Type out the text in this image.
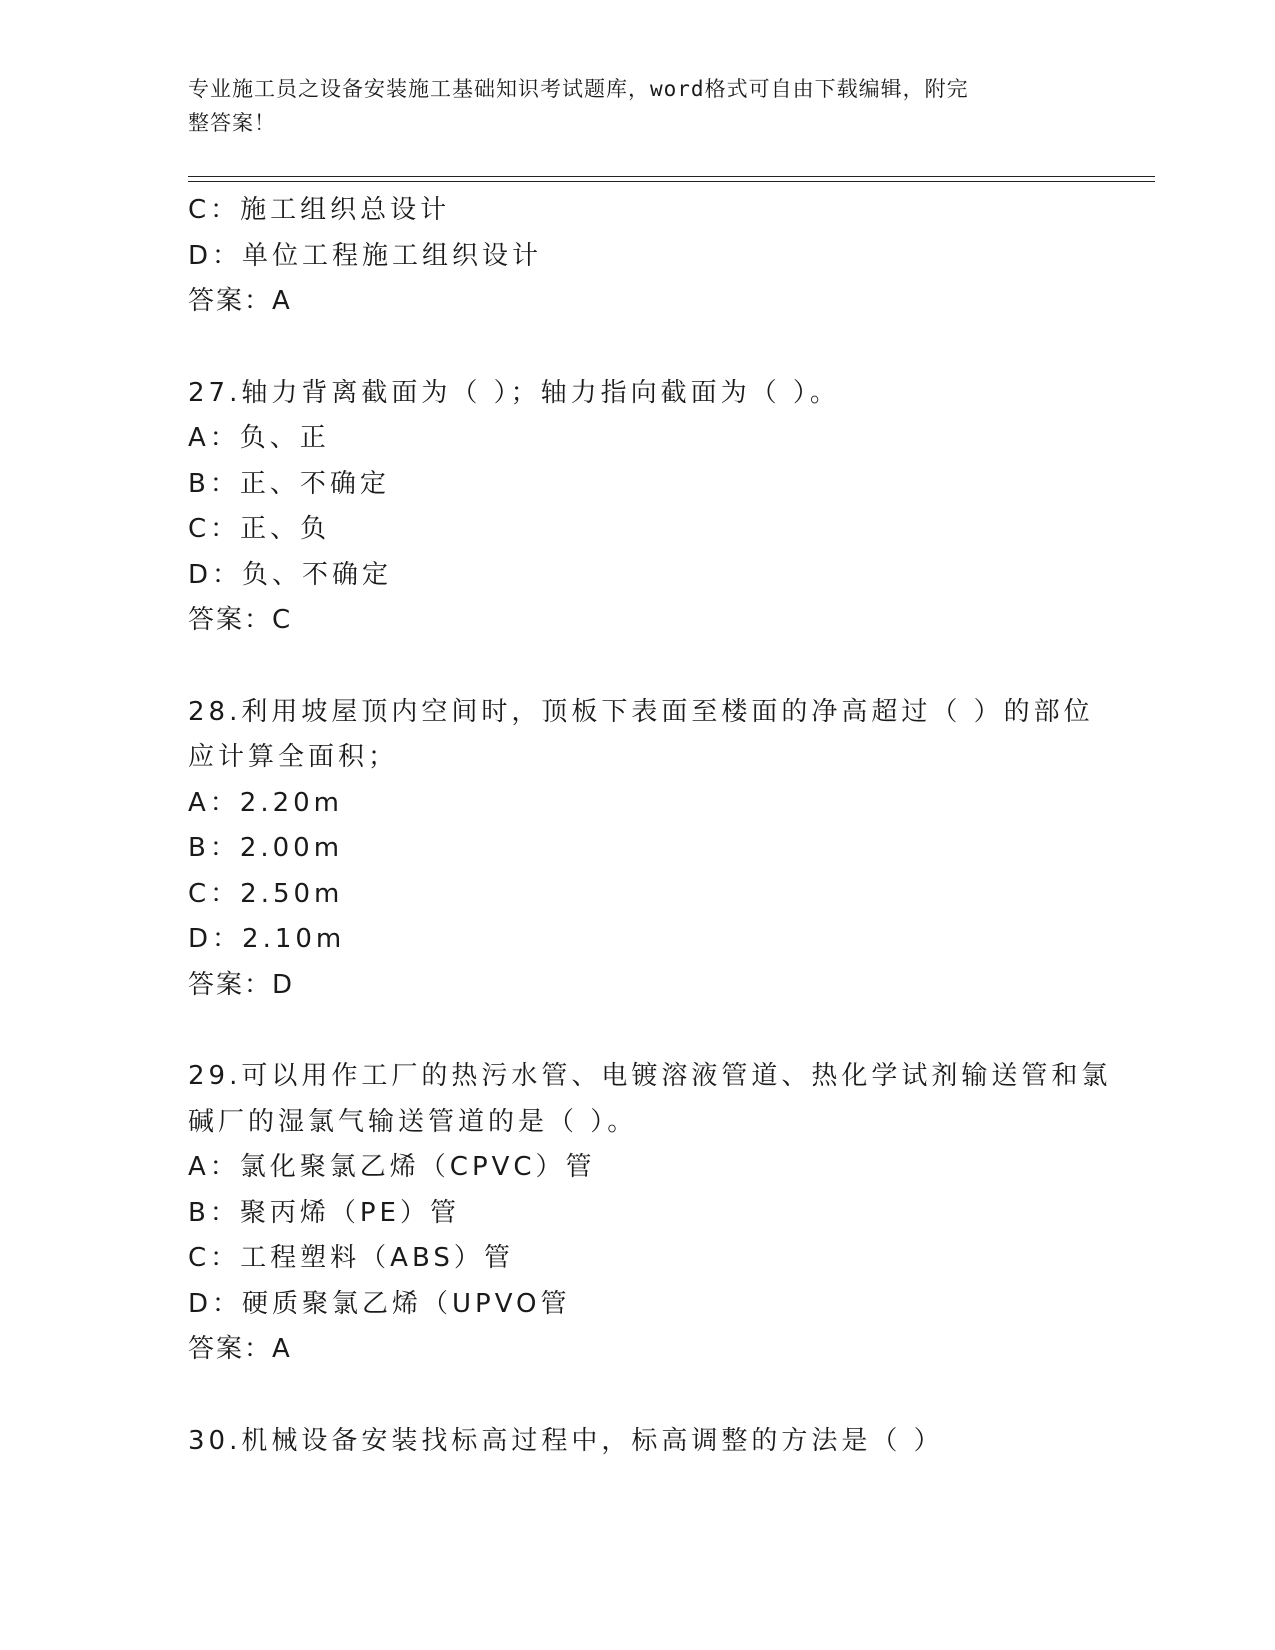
专业施工员之设备安装施工基础知识考试题库，word格式可自由下载编辑，附完
整答案！
C：施工组织总设计
D：单位工程施工组织设计
答案：A
27.轴力背离截面为（ ）；轴力指向截面为（ ）。
A：负、正
B：正、不确定
C：正、负
D：负、不确定
答案：C
28.利用坡屋顶内空间时，顶板下表面至楼面的净高超过（ ）的部位
应计算全面积；
A：2.20m
B：2.00m
C：2.50m
D：2.10m
答案：D
29.可以用作工厂的热污水管、电镀溶液管道、热化学试剂输送管和氯
碱厂的湿氯气输送管道的是（ ）。
A：氯化聚氯乙烯（CPVC）管
B：聚丙烯（PE）管
C：工程塑料（ABS）管
D：硬质聚氯乙烯（UPVO管
答案：A
30.机械设备安装找标高过程中，标高调整的方法是（ ）
